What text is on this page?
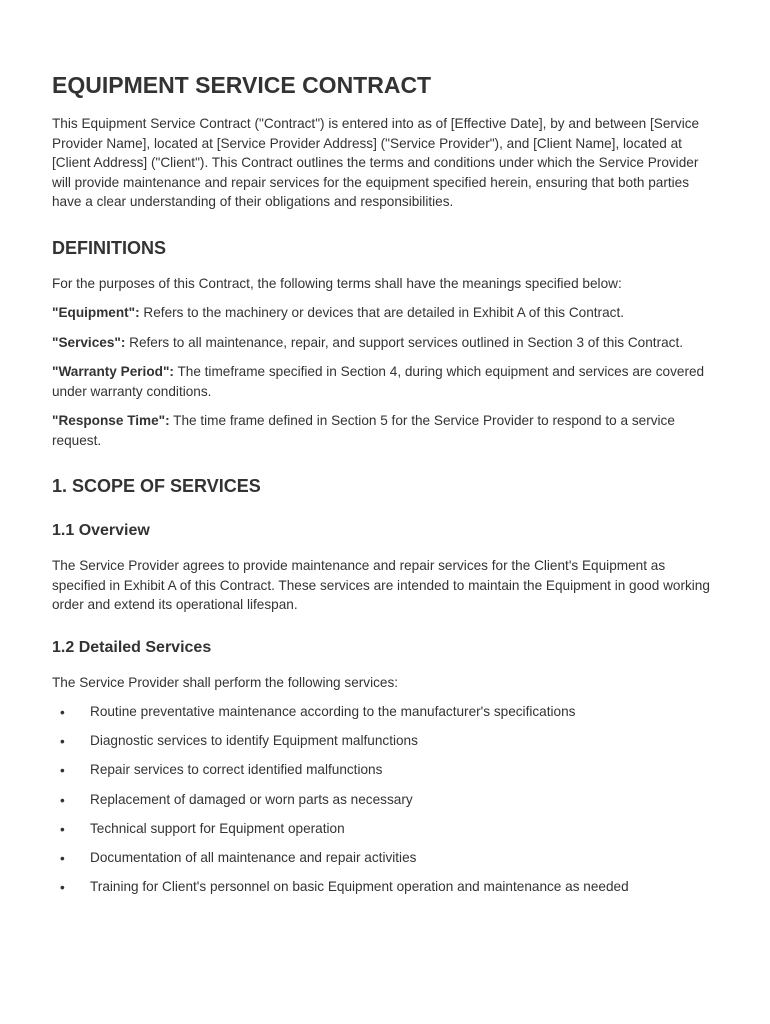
EQUIPMENT SERVICE CONTRACT

This Equipment Service Contract ("Contract") is entered into as of [Effective Date], by and between [Service Provider Name], located at [Service Provider Address] ("Service Provider"), and [Client Name], located at [Client Address] ("Client"). This Contract outlines the terms and conditions under which the Service Provider will provide maintenance and repair services for the equipment specified herein, ensuring that both parties have a clear understanding of their obligations and responsibilities.

DEFINITIONS

For the purposes of this Contract, the following terms shall have the meanings specified below:

"Equipment": Refers to the machinery or devices that are detailed in Exhibit A of this Contract.

"Services": Refers to all maintenance, repair, and support services outlined in Section 3 of this Contract.

"Warranty Period": The timeframe specified in Section 4, during which equipment and services are covered under warranty conditions.

"Response Time": The time frame defined in Section 5 for the Service Provider to respond to a service request.

1. SCOPE OF SERVICES
1.1 Overview

The Service Provider agrees to provide maintenance and repair services for the Client's Equipment as specified in Exhibit A of this Contract. These services are intended to maintain the Equipment in good working order and extend its operational lifespan.

1.2 Detailed Services

The Service Provider shall perform the following services:

• Routine preventative maintenance according to the manufacturer's specifications
• Diagnostic services to identify Equipment malfunctions
• Repair services to correct identified malfunctions
• Replacement of damaged or worn parts as necessary
• Technical support for Equipment operation
• Documentation of all maintenance and repair activities
• Training for Client's personnel on basic Equipment operation and maintenance as needed
